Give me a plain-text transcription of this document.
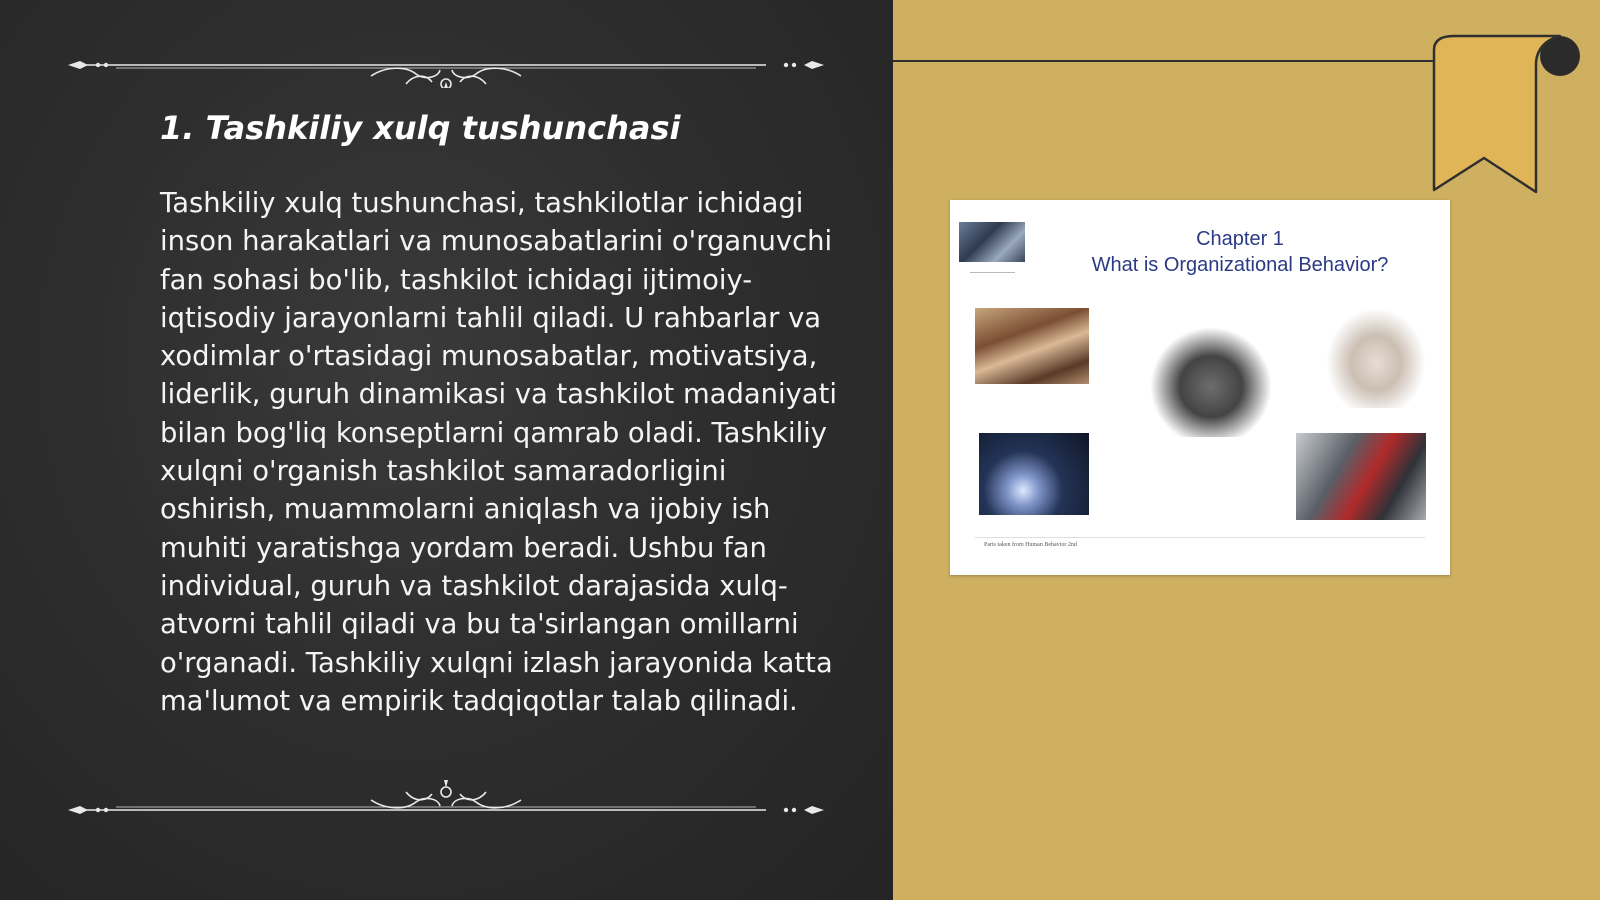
1. Tashkiliy xulq tushunchasi

Tashkiliy xulq tushunchasi, tashkilotlar ichidagi inson harakatlari va munosabatlarini o'rganuvchi fan sohasi bo'lib, tashkilot ichidagi ijtimoiy-iqtisodiy jarayonlarni tahlil qiladi. U rahbarlar va xodimlar o'rtasidagi munosabatlar, motivatsiya, liderlik, guruh dinamikasi va tashkilot madaniyati bilan bog'liq konseptlarni qamrab oladi. Tashkiliy xulqni o'rganish tashkilot samaradorligini oshirish, muammolarni aniqlash va ijobiy ish muhiti yaratishga yordam beradi. Ushbu fan individual, guruh va tashkilot darajasida xulq-atvorni tahlil qiladi va bu ta'sirlangan omillarni o'rganadi. Tashkiliy xulqni izlash jarayonida katta ma'lumot va empirik tadqiqotlar talab qilinadi.

Chapter 1
What is Organizational Behavior?

Parts taken from Human Behavior 2nd
